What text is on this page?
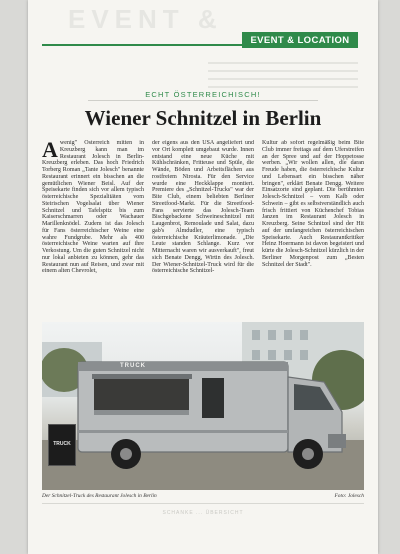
EVENT &
EVENT & LOCATION
ECHT ÖSTERREICHISCH!
Wiener Schnitzel in Berlin
A wenig" Österreich mitten in Kreuzberg kann man im Restaurant Jolesch in Berlin-Kreuzberg erleben. Das hoch Friedrich Torberg Roman „Tante Jolesch" benannte Restaurant erinnert ein bisschen an die gemütlichen Wiener Beisl. Auf der Speisekarte finden sich vor allem typisch österreichische Spezialitäten vom Steirischen Vogelsalat über Wiener Schnitzel und Tafelspitz bis zum Kaiserschmarren oder Wachauer Marillenknödel. Zudem ist das Jolesch für Fans österreichischer Weine eine wahre Fundgrube. Mehr als 400 österreichische Weine warten auf ihre Verkostung. Um die guten Schnitzel nicht nur lokal anbieten zu können, gehr das Restaurant nun auf Reisen, und zwar mit einem alten Chevrolet,

der eigens aus den USA angeliefert und vor Ort komplett umgebaut wurde. Innen entstand eine neue Küche mit Kühlschränken, Fritteuse und Spüle, die Wände, Böden und Arbeitsflächen aus rostfreiem Nirosta. Für den Service wurde eine Heckklappe montiert. Premiere des „Schnitzel-Trucks" war der Bite Club, einem beliebten Berliner Streetfood-Markt. Für die Streetfood-Fans servierte das Jolesch-Team Bischgebackene Schweineschnitzel mit Laugenbrot, Remoulade und Salat, dazu gab's Almdudler, eine typisch österreichische Kräuterlimonade. „Die Leute standen Schlange. Kurz vor Mitternacht waren wir ausverkauft", freut sich Benate Dengg, Wirtin des Jolesch. Der Wiener-Schnitzel-Truck wird für die österreichische Schnitzel-

Kultur ab sofort regelmäßig beim Bite Club immer freitags auf dem Uferstreifen an der Spree und auf der Hoppetosse werben. „Wir wollen allen, die daran Freude haben, die österreichische Kultur und Lebensart ein bisschen näher bringen", erklärt Benate Dengg. Weitere Einsatzorte sind geplant. Die berühmten Jolesch-Schnitzel – vom Kalb oder Schwein – gibt es selbstverständlich auch frisch frittiert von Küchenchef Tobias Janzen im Restaurant Jolesch in Kreuzberg. Seine Schnitzel sind der Hit auf der umfangreichen österreichischen Speisekarte. Auch Restaurantkritiker Heinz Hoermann ist davon begeistert und kürte die Jolesch-Schnitzel kürzlich in der Berliner Morgenpost zum „Besten Schnitzel der Stadt".

TRUCK
TRUCK
Der Schnitzel-Truck des Restaurant Jolesch in Berlin	Foto: Jolesch
SCHANKE ... ÜBERSICHT
